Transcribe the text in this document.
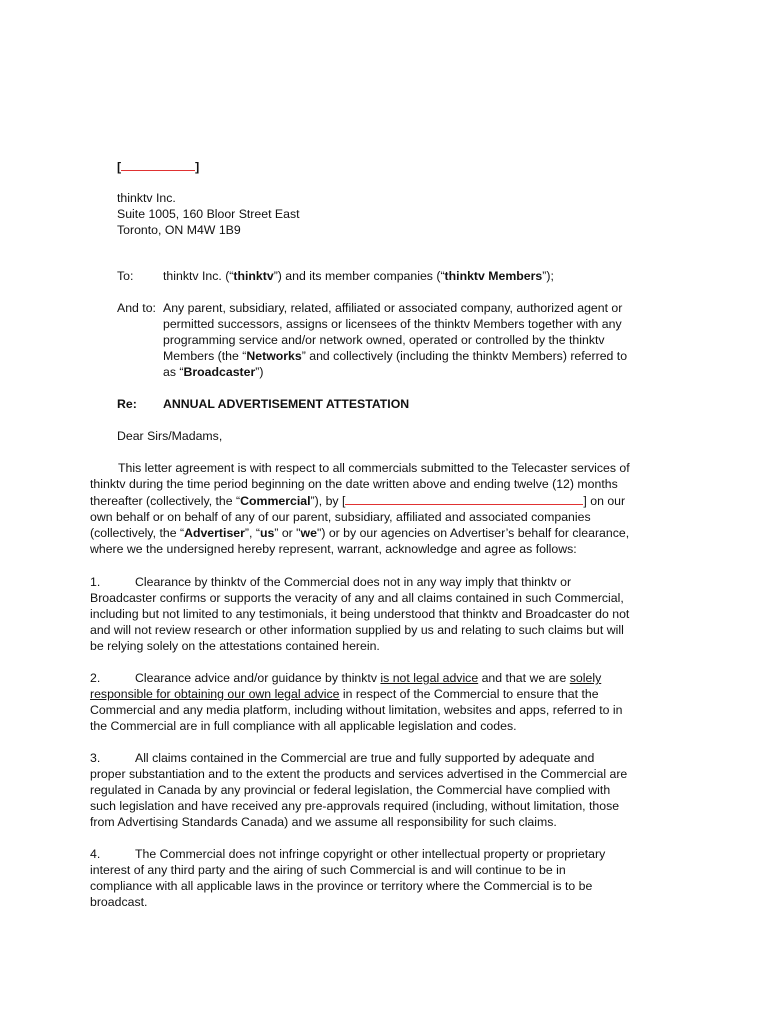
[	]
thinktv Inc.
Suite 1005, 160 Bloor Street East
Toronto, ON M4W 1B9
To: thinktv Inc. (“thinktv”) and its member companies (“thinktv Members”);
And to: Any parent, subsidiary, related, affiliated or associated company, authorized agent or
permitted successors, assigns or licensees of the thinktv Members together with any
programming service and/or network owned, operated or controlled by the thinktv
Members (the “Networks” and collectively (including the thinktv Members) referred to
as “Broadcaster”)
Re: ANNUAL ADVERTISEMENT ATTESTATION
Dear Sirs/Madams,
This letter agreement is with respect to all commercials submitted to the Telecaster services of
thinktv during the time period beginning on the date written above and ending twelve (12) months
thereafter (collectively, the “Commercial”), by [	] on our
own behalf or on behalf of any of our parent, subsidiary, affiliated and associated companies
(collectively, the “Advertiser”, “us” or "we") or by our agencies on Advertiser’s behalf for clearance,
where we the undersigned hereby represent, warrant, acknowledge and agree as follows:
1.	Clearance by thinktv of the Commercial does not in any way imply that thinktv or
Broadcaster confirms or supports the veracity of any and all claims contained in such Commercial,
including but not limited to any testimonials, it being understood that thinktv and Broadcaster do not
and will not review research or other information supplied by us and relating to such claims but will
be relying solely on the attestations contained herein.
2.	Clearance advice and/or guidance by thinktv is not legal advice and that we are solely
responsible for obtaining our own legal advice in respect of the Commercial to ensure that the
Commercial and any media platform, including without limitation, websites and apps, referred to in
the Commercial are in full compliance with all applicable legislation and codes.
3.	All claims contained in the Commercial are true and fully supported by adequate and
proper substantiation and to the extent the products and services advertised in the Commercial are
regulated in Canada by any provincial or federal legislation, the Commercial have complied with
such legislation and have received any pre-approvals required (including, without limitation, those
from Advertising Standards Canada) and we assume all responsibility for such claims.
4.	The Commercial does not infringe copyright or other intellectual property or proprietary
interest of any third party and the airing of such Commercial is and will continue to be in
compliance with all applicable laws in the province or territory where the Commercial is to be
broadcast.
